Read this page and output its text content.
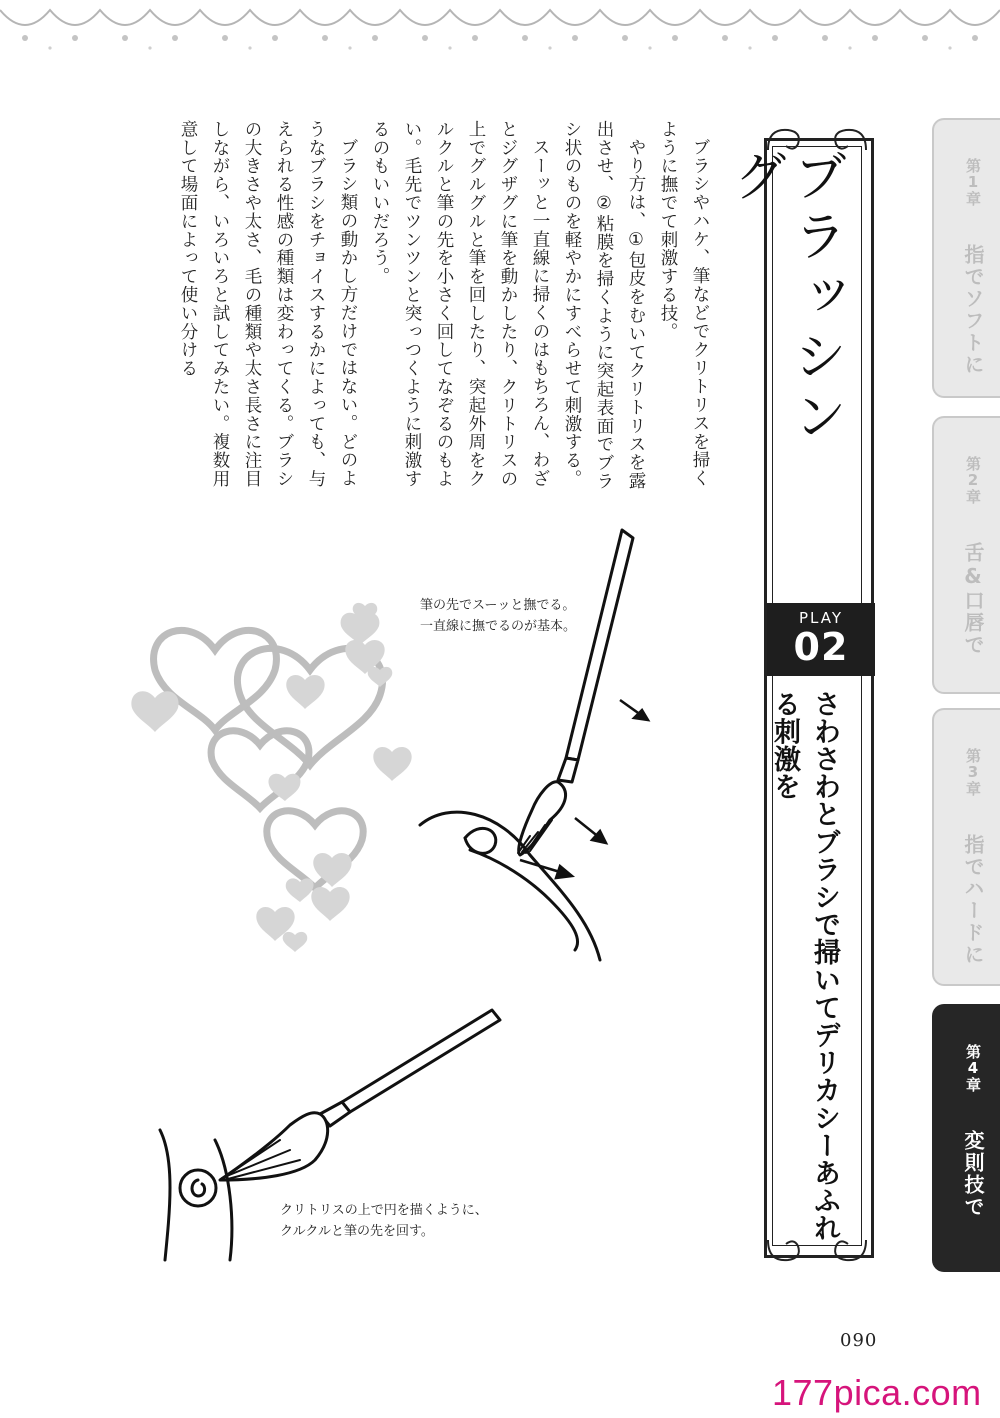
ブラシやハケ、筆などでクリトリスを掃くように撫でて刺激する技。

やり方は、①包皮をむいてクリトリスを露出させ、②粘膜を掃くように突起表面でブラシ状のものを軽やかにすべらせて刺激する。

スーッと一直線に掃くのはもちろん、わざとジグザグに筆を動かしたり、クリトリスの上でグルグルと筆を回したり、突起外周をクルクルと筆の先を小さく回してなぞるのもよい。毛先でツンツンと突っつくように刺激するのもいいだろう。

ブラシ類の動かし方だけではない。どのようなブラシをチョイスするかによっても、与えられる性感の種類は変わってくる。ブラシの大きさや太さ、毛の種類や太さ長さに注目しながら、いろいろと試してみたい。複数用意して場面によって使い分ける	ブラッシング
PLAY
02
さわさわとブラシで掃いてデリカシーあふれる刺激を
第1章 指でソフトに
第2章 舌&口唇で
第3章 指でハードに
第4章 変則技で
筆の先でスーッと撫でる。
一直線に撫でるのが基本。
クリトリスの上で円を描くように、
クルクルと筆の先を回す。
090
177pica.com
